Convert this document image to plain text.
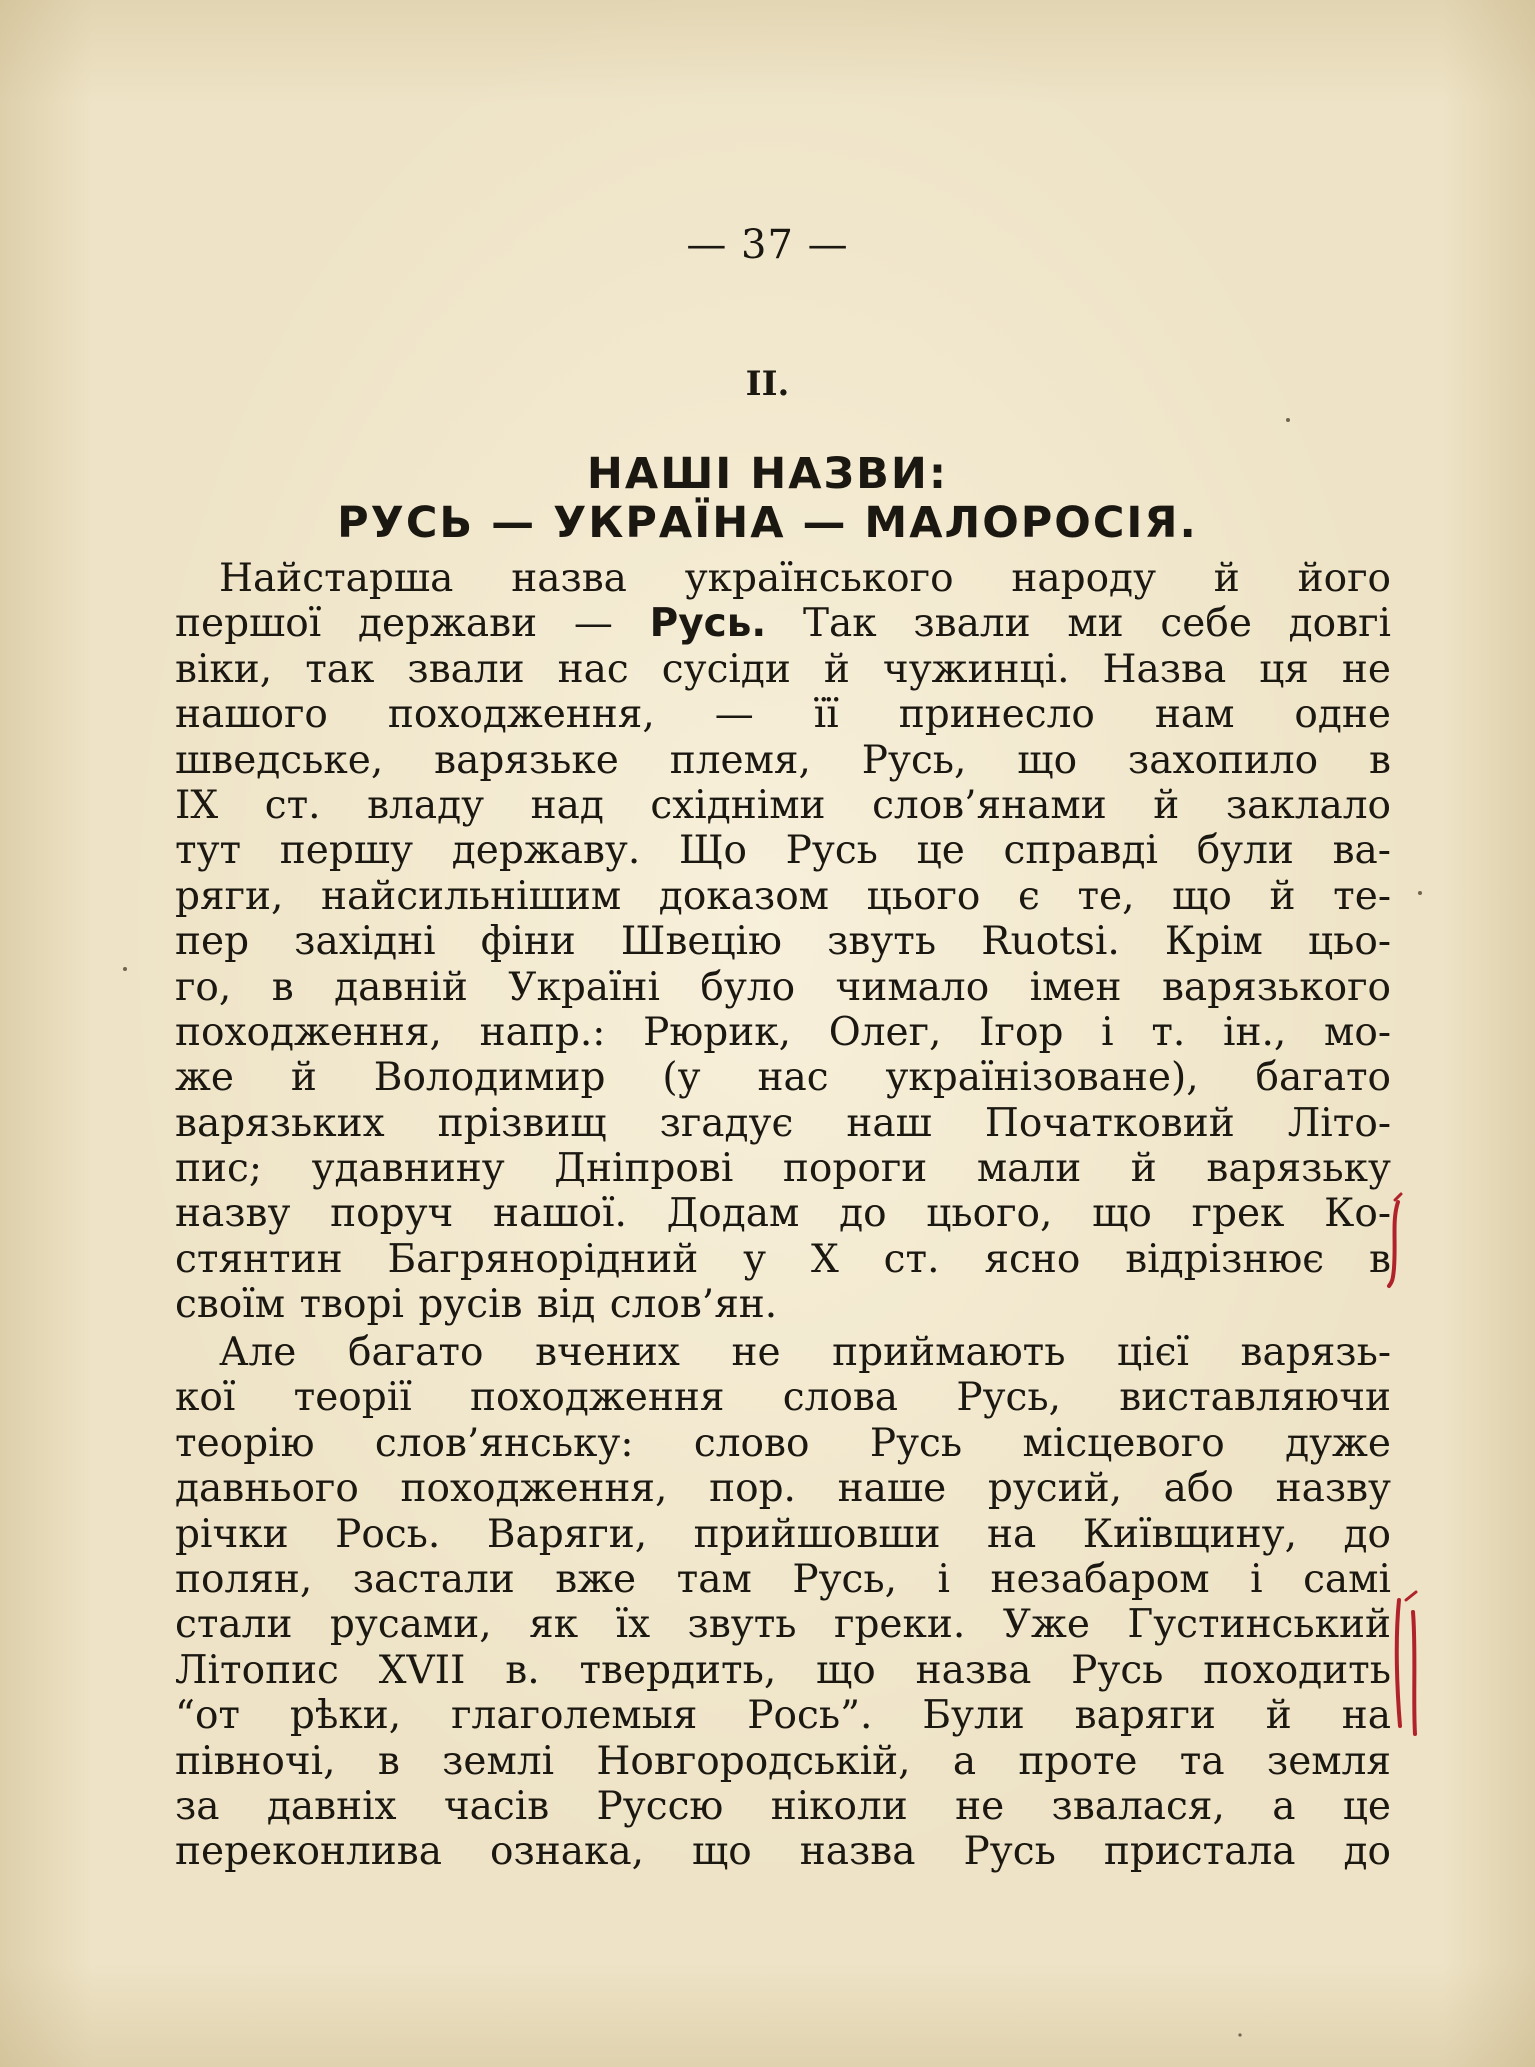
— 37 —
II.
НАШІ НАЗВИ:
РУСЬ — УКРАЇНА — МАЛОРОСІЯ.
Найстарша назва українського народу й його
першої держави — Русь. Так звали ми себе довгі
віки, так звали нас сусіди й чужинці. Назва ця не
нашого походження, — її принесло нам одне
шведське, варязьке племя, Русь, що захопило в
IX ст. владу над східніми слов’янами й заклало
тут першу державу. Що Русь це справді були ва-
ряги, найсильнішим доказом цього є те, що й те-
пер західні фіни Швецію звуть Ruotsi. Крім цьо-
го, в давній Україні було чимало імен варязького
походження, напр.: Рюрик, Олег, Ігор і т. ін., мо-
же й Володимир (у нас українізоване), багато
варязьких прізвищ згадує наш Початковий Літо-
пис; удавнину Дніпрові пороги мали й варязьку
назву поруч нашої. Додам до цього, що грек Ко-
стянтин Багрянорідний у X ст. ясно відрізнює в
своїм творі русів від слов’ян.
Але багато вчених не приймають цієї варязь-
кої теорії походження слова Русь, виставляючи
теорію слов’янську: слово Русь місцевого дуже
давнього походження, пор. наше русий, або назву
річки Рось. Варяги, прийшовши на Київщину, до
полян, застали вже там Русь, і незабаром і самі
стали русами, як їх звуть греки. Уже Густинський
Літопис XVII в. твердить, що назва Русь походить
“от рѣки, глаголемыя Рось”. Були варяги й на
півночі, в землі Новгородській, а проте та земля
за давніх часів Руссю ніколи не звалася, а це
переконлива ознака, що назва Русь пристала до
